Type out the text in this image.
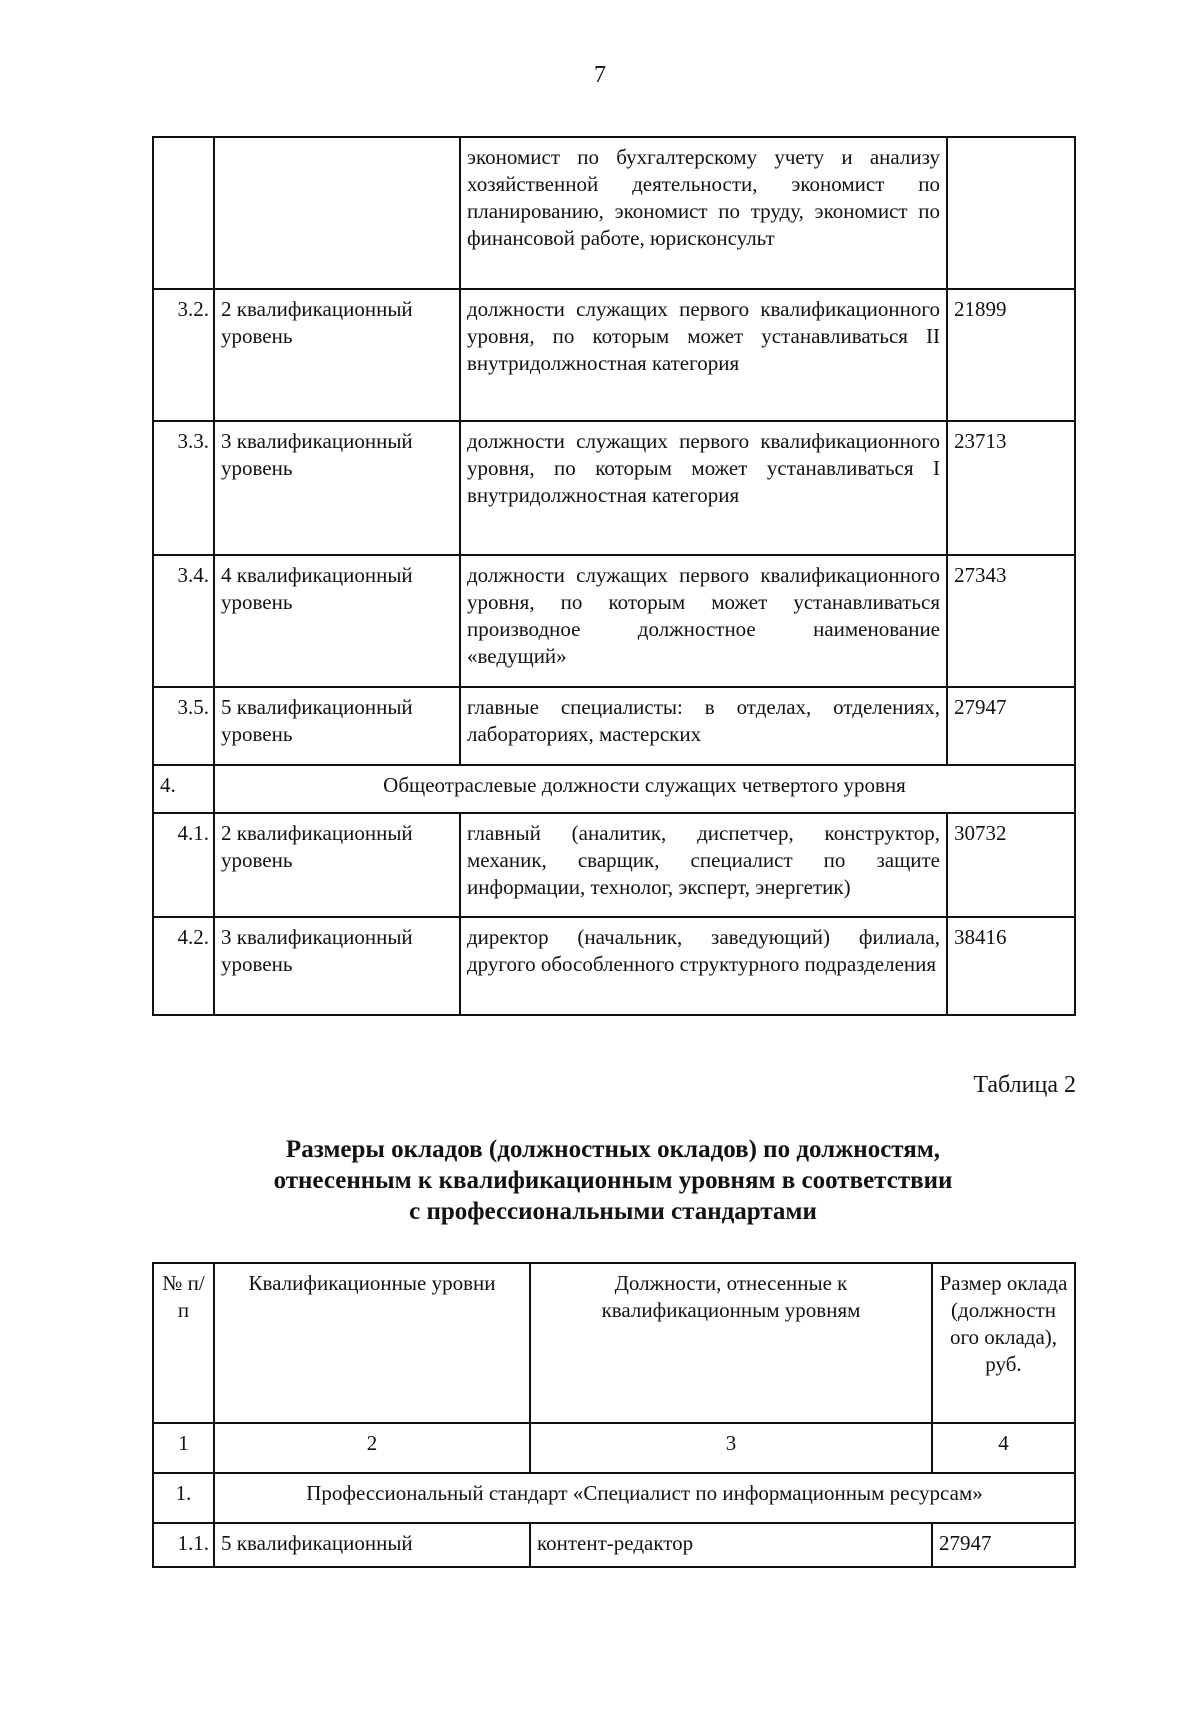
7
		экономист по бухгалтерскому учету и анализу хозяйственной деятельности, экономист по планированию, экономист по труду, экономист по финансовой работе, юрисконсульт	
3.2.	2 квалификационный уровень	должности служащих первого квалификационного уровня, по которым может устанавливаться II внутридолжностная категория	21899
3.3.	3 квалификационный уровень	должности служащих первого квалификационного уровня, по которым может устанавливаться I внутридолжностная категория	23713
3.4.	4 квалификационный уровень	должности служащих первого квалификационного уровня, по которым может устанавливаться производное должностное наименование «ведущий»	27343
3.5.	5 квалификационный уровень	главные специалисты: в отделах, отделениях, лабораториях, мастерских	27947
4.	Общеотраслевые должности служащих четвертого уровня		
4.1.	2 квалификационный уровень	главный (аналитик, диспетчер, конструктор, механик, сварщик, специалист по защите информации, технолог, эксперт, энергетик)	30732
4.2.	3 квалификационный уровень	директор (начальник, заведующий) филиала, другого обособленного структурного подразделения	38416
Таблица 2
Размеры окладов (должностных окладов) по должностям,
отнесенным к квалификационным уровням в соответствии
с профессиональными стандартами
№ п/п	Квалификационные уровни	Должности, отнесенные к квалификационным уровням	Размер оклада (должностн ого оклада), руб.
1	2	3	4
1.	Профессиональный стандарт «Специалист по информационным ресурсам»		
1.1.	5 квалификационный	контент-редактор	27947
